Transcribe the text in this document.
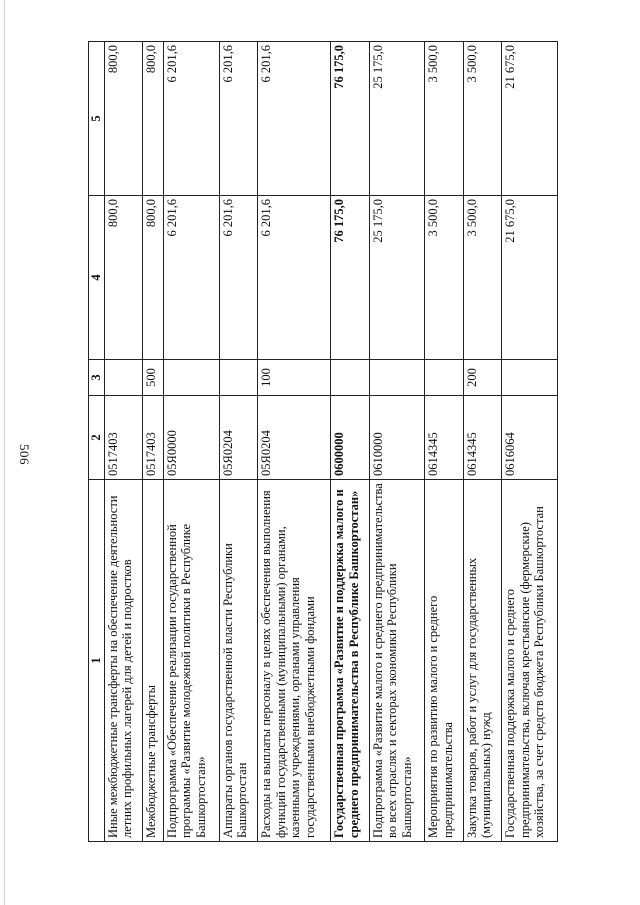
506
1	2	3	4	5
Иные межбюджетные трансферты на обеспечение деятельности летних профильных лагерей для детей и подростков	0517403		800,0	800,0
Межбюджетные трансферты	0517403	500	800,0	800,0
Подпрограмма «Обеспечение реализации государственной программы «Развитие молодежной политики в Республике Башкортостан»	05Я0000		6 201,6	6 201,6
Аппараты органов государственной власти Республики Башкортостан	05Я0204		6 201,6	6 201,6
Расходы на выплаты персоналу в целях обеспечения выполнения функций государственными (муниципальными) органами, казенными учреждениями, органами управления государственными внебюджетными фондами	05Я0204	100	6 201,6	6 201,6
Государственная программа «Развитие и поддержка малого и среднего предпринимательства в Республике Башкортостан»	0600000		76 175,0	76 175,0
Подпрограмма «Развитие малого и среднего предпринимательства во всех отраслях и секторах экономики Республики Башкортостан»	0610000		25 175,0	25 175,0
Мероприятия по развитию малого и среднего предпринимательства	0614345		3 500,0	3 500,0
Закупка товаров, работ и услуг для государственных (муниципальных) нужд	0614345	200	3 500,0	3 500,0
Государственная поддержка малого и среднего предпринимательства, включая крестьянские (фермерские) хозяйства, за счет средств бюджета Республики Башкортостан	0616064		21 675,0	21 675,0
